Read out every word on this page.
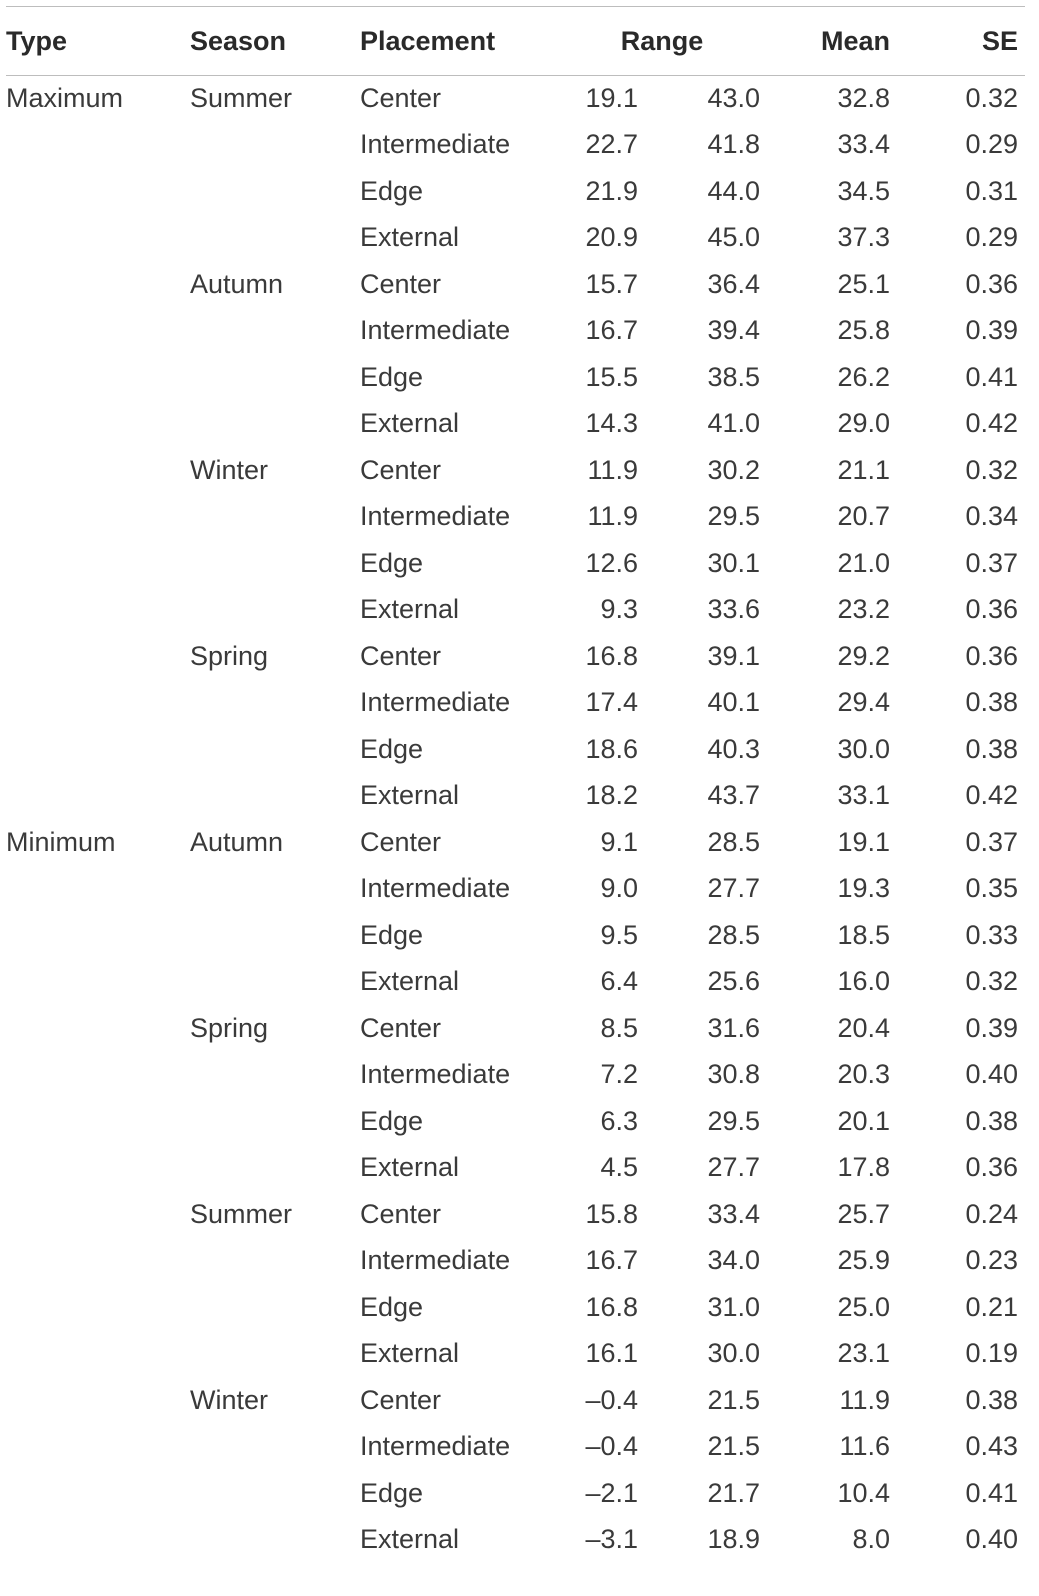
Type	Season	Placement	Range		Mean	SE

Maximum	Summer	Center	19.1	43.0	32.8	0.32
		Intermediate	22.7	41.8	33.4	0.29
		Edge	21.9	44.0	34.5	0.31
		External	20.9	45.0	37.3	0.29
	Autumn	Center	15.7	36.4	25.1	0.36
		Intermediate	16.7	39.4	25.8	0.39
		Edge	15.5	38.5	26.2	0.41
		External	14.3	41.0	29.0	0.42
	Winter	Center	11.9	30.2	21.1	0.32
		Intermediate	11.9	29.5	20.7	0.34
		Edge	12.6	30.1	21.0	0.37
		External	9.3	33.6	23.2	0.36
	Spring	Center	16.8	39.1	29.2	0.36
		Intermediate	17.4	40.1	29.4	0.38
		Edge	18.6	40.3	30.0	0.38
		External	18.2	43.7	33.1	0.42
Minimum	Autumn	Center	9.1	28.5	19.1	0.37
		Intermediate	9.0	27.7	19.3	0.35
		Edge	9.5	28.5	18.5	0.33
		External	6.4	25.6	16.0	0.32
	Spring	Center	8.5	31.6	20.4	0.39
		Intermediate	7.2	30.8	20.3	0.40
		Edge	6.3	29.5	20.1	0.38
		External	4.5	27.7	17.8	0.36
	Summer	Center	15.8	33.4	25.7	0.24
		Intermediate	16.7	34.0	25.9	0.23
		Edge	16.8	31.0	25.0	0.21
		External	16.1	30.0	23.1	0.19
	Winter	Center	–0.4	21.5	11.9	0.38
		Intermediate	–0.4	21.5	11.6	0.43
		Edge	–2.1	21.7	10.4	0.41
		External	–3.1	18.9	8.0	0.40
